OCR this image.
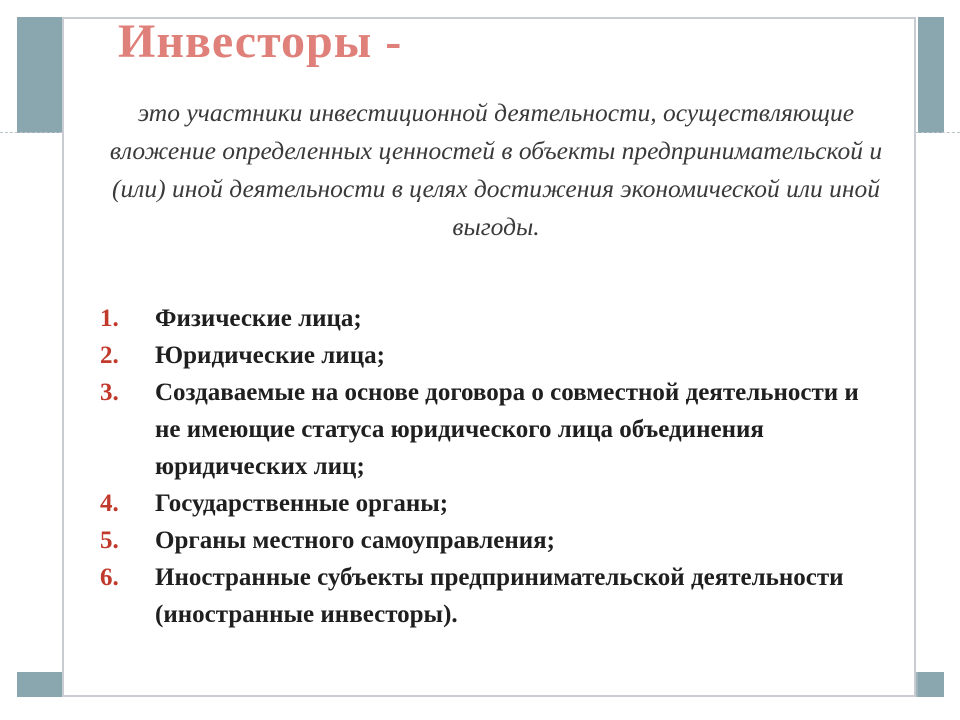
Инвесторы -
это участники инвестиционной деятельности, осуществляющие вложение определенных ценностей в объекты предпринимательской и (или) иной деятельности в целях достижения экономической или иной выгоды.
1.	Физические лица;
2.	Юридические лица;
3.	Создаваемые на основе договора о совместной деятельности и не имеющие статуса юридического лица объединения юридических лиц;
4.	Государственные органы;
5.	Органы местного самоуправления;
6.	Иностранные субъекты предпринимательской деятельности (иностранные инвесторы).
